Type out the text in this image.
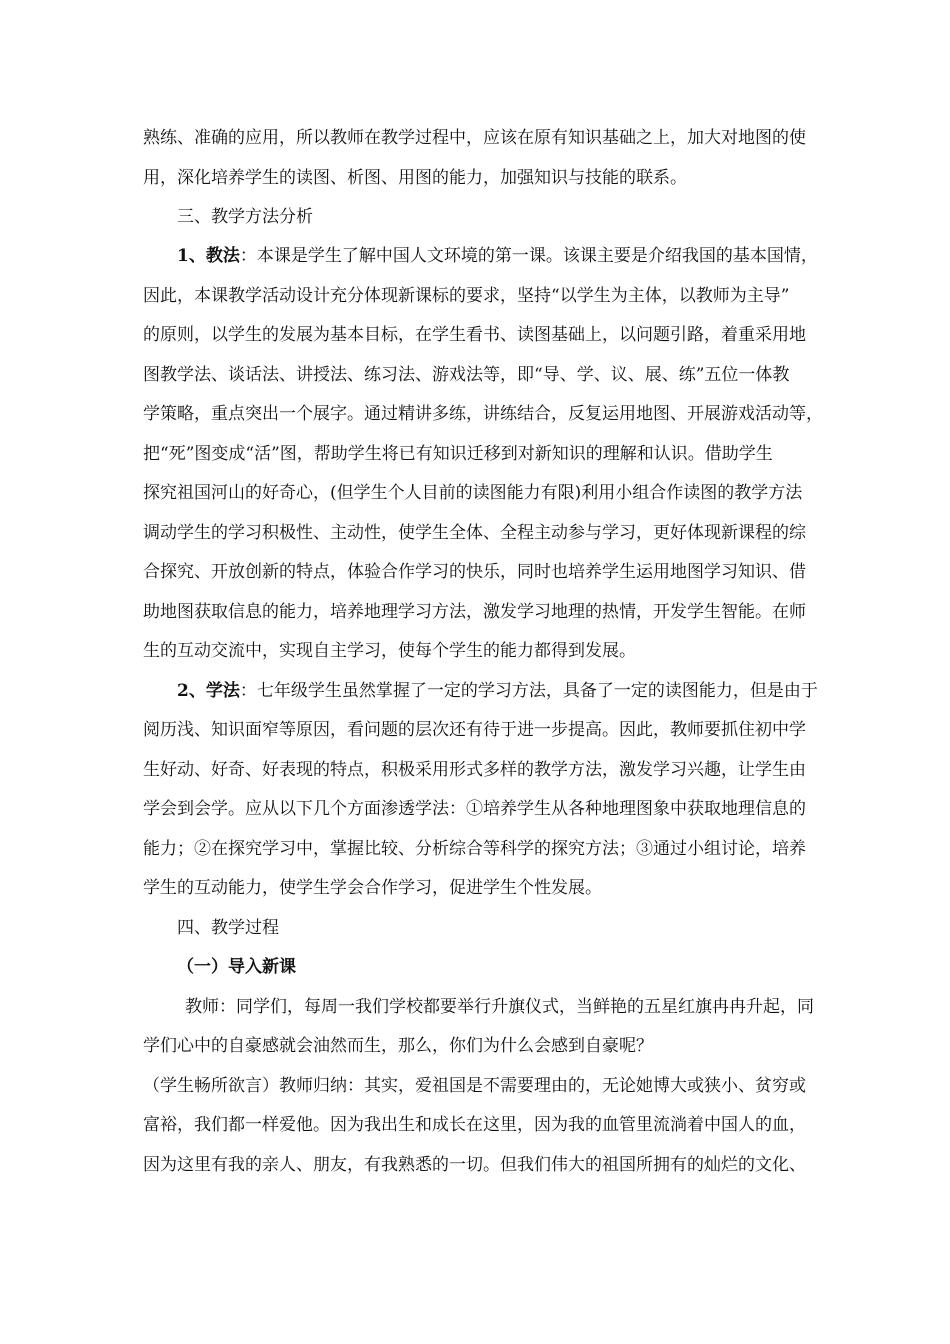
熟练、准确的应用，所以教师在教学过程中，应该在原有知识基础之上，加大对地图的使
用，深化培养学生的读图、析图、用图的能力，加强知识与技能的联系。
三、教学方法分析
1、教法：本课是学生了解中国人文环境的第一课。该课主要是介绍我国的基本国情，
因此，本课教学活动设计充分体现新课标的要求，坚持“以学生为主体，以教师为主导”
的原则，以学生的发展为基本目标，在学生看书、读图基础上，以问题引路，着重采用地
图教学法、谈话法、讲授法、练习法、游戏法等，即“导、学、议、展、练”五位一体教
学策略，重点突出一个展字。通过精讲多练，讲练结合，反复运用地图、开展游戏活动等，
把“死”图变成“活”图，帮助学生将已有知识迁移到对新知识的理解和认识。借助学生
探究祖国河山的好奇心，(但学生个人目前的读图能力有限)利用小组合作读图的教学方法
调动学生的学习积极性、主动性，使学生全体、全程主动参与学习，更好体现新课程的综
合探究、开放创新的特点，体验合作学习的快乐，同时也培养学生运用地图学习知识、借
助地图获取信息的能力，培养地理学习方法，激发学习地理的热情，开发学生智能。在师
生的互动交流中，实现自主学习，使每个学生的能力都得到发展。
2、学法：七年级学生虽然掌握了一定的学习方法，具备了一定的读图能力，但是由于
阅历浅、知识面窄等原因，看问题的层次还有待于进一步提高。因此，教师要抓住初中学
生好动、好奇、好表现的特点，积极采用形式多样的教学方法，激发学习兴趣，让学生由
学会到会学。应从以下几个方面渗透学法：①培养学生从各种地理图象中获取地理信息的
能力；②在探究学习中，掌握比较、分析综合等科学的探究方法；③通过小组讨论，培养
学生的互动能力，使学生学会合作学习，促进学生个性发展。
四、教学过程
（一）导入新课
教师：同学们，每周一我们学校都要举行升旗仪式，当鲜艳的五星红旗冉冉升起，同
学们心中的自豪感就会油然而生，那么，你们为什么会感到自豪呢？
（学生畅所欲言）教师归纳：其实，爱祖国是不需要理由的，无论她博大或狭小、贫穷或
富裕，我们都一样爱他。因为我出生和成长在这里，因为我的血管里流淌着中国人的血，
因为这里有我的亲人、朋友，有我熟悉的一切。但我们伟大的祖国所拥有的灿烂的文化、
